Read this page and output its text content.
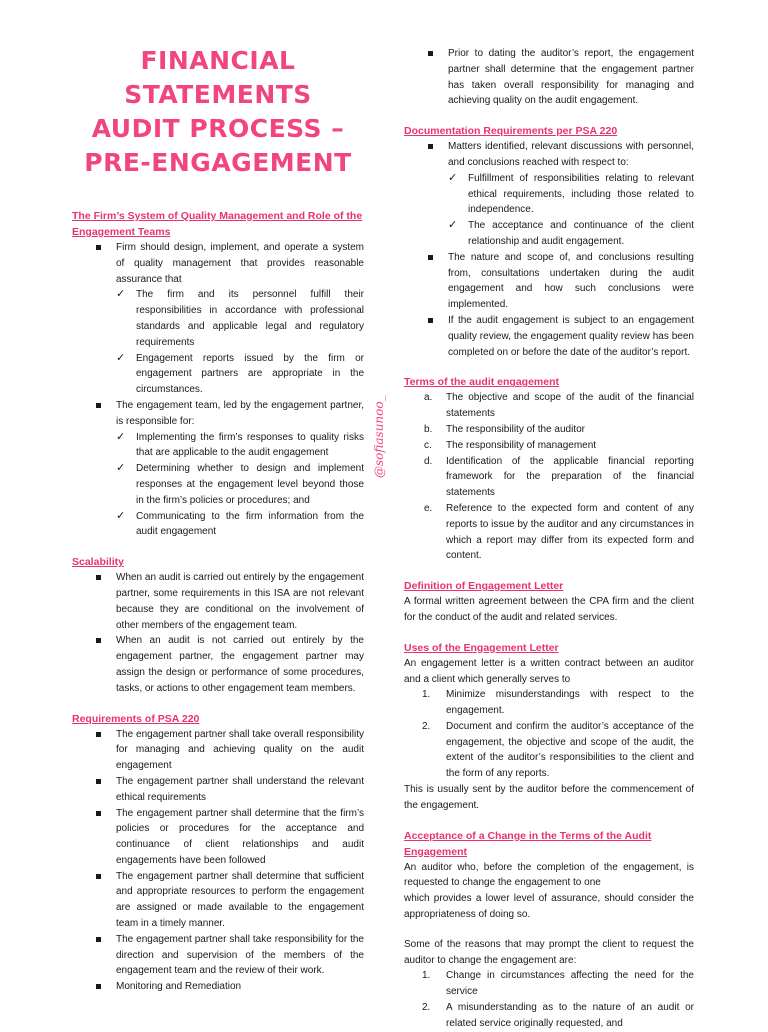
FINANCIAL STATEMENTS
AUDIT PROCESS –
PRE-ENGAGEMENT

The Firm’s System of Quality Management and Role of the Engagement Teams

Firm should design, implement, and operate a system of quality management that provides reasonable assurance that
✓ The firm and its personnel fulfill their responsibilities in accordance with professional standards and applicable legal and regulatory requirements
✓ Engagement reports issued by the firm or engagement partners are appropriate in the circumstances.
The engagement team, led by the engagement partner, is responsible for:
✓ Implementing the firm’s responses to quality risks that are applicable to the audit engagement
✓ Determining whether to design and implement responses at the engagement level beyond those in the firm’s policies or procedures; and
✓ Communicating to the firm information from the audit engagement

Scalability

When an audit is carried out entirely by the engagement partner, some requirements in this ISA are not relevant because they are conditional on the involvement of other members of the engagement team.
When an audit is not carried out entirely by the engagement partner, the engagement partner may assign the design or performance of some procedures, tasks, or actions to other engagement team members.

Requirements of PSA 220

The engagement partner shall take overall responsibility for managing and achieving quality on the audit engagement
The engagement partner shall understand the relevant ethical requirements
The engagement partner shall determine that the firm’s policies or procedures for the acceptance and continuance of client relationships and audit engagements have been followed
The engagement partner shall determine that sufficient and appropriate resources to perform the engagement are assigned or made available to the engagement team in a timely manner.
The engagement partner shall take responsibility for the direction and supervision of the members of the engagement team and the review of their work.
Monitoring and Remediation
@sofiasunoo_
Prior to dating the auditor’s report, the engagement partner shall determine that the engagement partner has taken overall responsibility for managing and achieving quality on the audit engagement.

Documentation Requirements per PSA 220

Matters identified, relevant discussions with personnel, and conclusions reached with respect to:
✓ Fulfillment of responsibilities relating to relevant ethical requirements, including those related to independence.
✓ The acceptance and continuance of the client relationship and audit engagement.
The nature and scope of, and conclusions resulting from, consultations undertaken during the audit engagement and how such conclusions were implemented.
If the audit engagement is subject to an engagement quality review, the engagement quality review has been completed on or before the date of the auditor’s report.

Terms of the audit engagement

a. The objective and scope of the audit of the financial statements
b. The responsibility of the auditor
c. The responsibility of management
d. Identification of the applicable financial reporting framework for the preparation of the financial statements
e. Reference to the expected form and content of any reports to issue by the auditor and any circumstances in which a report may differ from its expected form and content.

Definition of Engagement Letter

A formal written agreement between the CPA firm and the client for the conduct of the audit and related services.

Uses of the Engagement Letter

An engagement letter is a written contract between an auditor and a client which generally serves to

1. Minimize misunderstandings with respect to the engagement.
2. Document and confirm the auditor’s acceptance of the engagement, the objective and scope of the audit, the extent of the auditor’s responsibilities to the client and the form of any reports.

This is usually sent by the auditor before the commencement of the engagement.

Acceptance of a Change in the Terms of the Audit Engagement

An auditor who, before the completion of the engagement, is requested to change the engagement to one

which provides a lower level of assurance, should consider the appropriateness of doing so.

Some of the reasons that may prompt the client to request the auditor to change the engagement are:

1. Change in circumstances affecting the need for the service
2. A misunderstanding as to the nature of an audit or related service originally requested, and
